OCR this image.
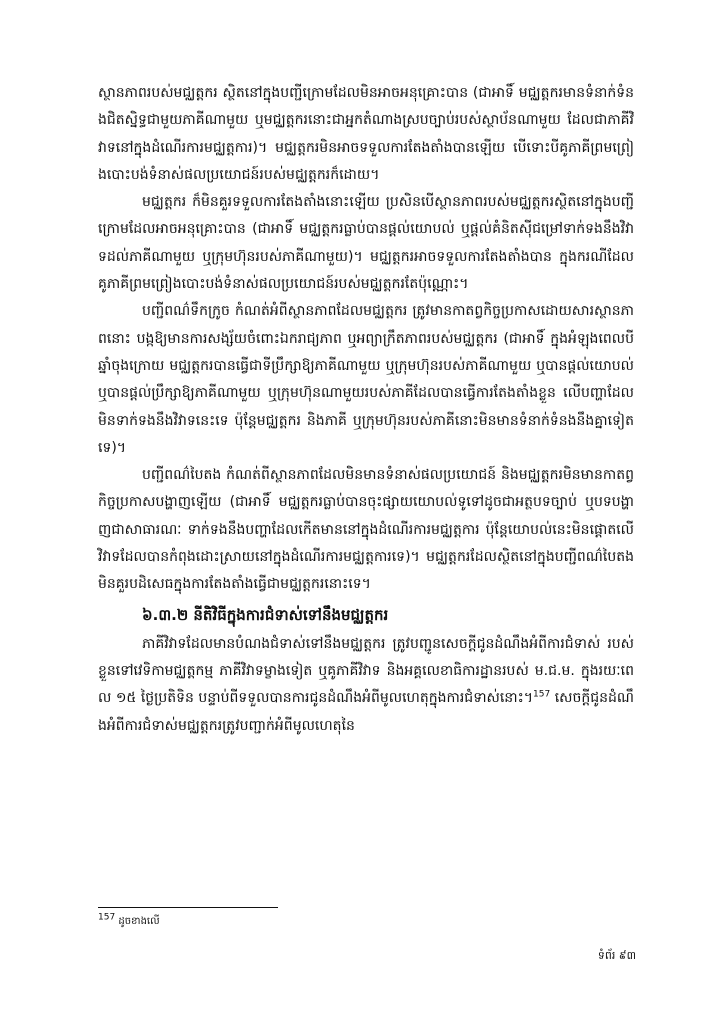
ស្ថានភាពរបស់មជ្ឈត្តករ ស្ថិតនៅក្នុងបញ្ជីក្រោមដែលមិនអាចអនុគ្រោះបាន (ជាអាទិ៍ មជ្ឈត្តករមានទំនាក់ទំនងជិតស្និទ្ធជាមួយភាគីណាមួយ ឬមជ្ឈត្តករនោះជាអ្នកតំណាងស្របច្បាប់របស់ស្ថាប័នណាមួយ ដែលជាភាគីវិវាទនៅក្នុងដំណើរការមជ្ឈត្តការ)។ មជ្ឈត្តករមិនអាចទទួលការតែងតាំងបានឡើយ បើទោះបីគូភាគីព្រមព្រៀងបោះបង់ទំនាស់ផលប្រយោជន៍របស់មជ្ឈត្តករក៏ដោយ។

មជ្ឈត្តករ ក៏មិនគួរទទួលការតែងតាំងនោះឡើយ ប្រសិនបើស្ថានភាពរបស់មជ្ឈត្តករស្ថិតនៅក្នុងបញ្ជីក្រោមដែលអាចអនុគ្រោះបាន (ជាអាទិ៍ មជ្ឈត្តករធ្លាប់បានផ្តល់យោបល់ ឬផ្តល់គំនិតស៊ីជម្រៅទាក់ទងនឹងវិវាទដល់ភាគីណាមួយ ឬក្រុមហ៊ុនរបស់ភាគីណាមួយ)។ មជ្ឈត្តករអាចទទួលការតែងតាំងបាន ក្នុងករណីដែលគូភាគីព្រមព្រៀងបោះបង់ទំនាស់ផលប្រយោជន៍របស់មជ្ឈត្តករតែប៉ុណ្ណោះ។

បញ្ជីពណ៌ទឹកក្រូច កំណត់អំពីស្ថានភាពដែលមជ្ឈត្តករ ត្រូវមានកាតព្វកិច្ចប្រកាសដោយសារស្ថានភាពនោះ បង្កឱ្យមានការសង្ស័យចំពោះឯករាជ្យភាព ឬអព្យាក្រឹតភាពរបស់មជ្ឈត្តករ (ជាអាទិ៍ ក្នុងអំឡុងពេលបីឆ្នាំចុងក្រោយ មជ្ឈត្តករបានធ្វើជាទីប្រឹក្សាឱ្យភាគីណាមួយ ឬក្រុមហ៊ុនរបស់ភាគីណាមួយ ឬបានផ្តល់យោបល់ ឬបានផ្តល់ប្រឹក្សាឱ្យភាគីណាមួយ ឬក្រុមហ៊ុនណាមួយរបស់ភាគីដែលបានធ្វើការតែងតាំងខ្លួន លើបញ្ហាដែលមិនទាក់ទងនឹងវិវាទនេះទេ ប៉ុន្តែមជ្ឈត្តករ និងភាគី ឬក្រុមហ៊ុនរបស់ភាគីនោះមិនមានទំនាក់ទំនងនឹងគ្នាទៀតទេ)។

បញ្ជីពណ៌បៃតង កំណត់ពីស្ថានភាពដែលមិនមានទំនាស់ផលប្រយោជន៍ និងមជ្ឈត្តករមិនមានកាតព្វកិច្ចប្រកាសបង្ហាញឡើយ (ជាអាទិ៍ មជ្ឈត្តករធ្លាប់បានចុះផ្សាយយោបល់ទូទៅដូចជាអត្ថបទច្បាប់ ឬបទបង្ហាញជាសាធារណៈ ទាក់ទងនឹងបញ្ហាដែលកើតមាននៅក្នុងដំណើរការមជ្ឈត្តការ ប៉ុន្តែយោបល់នេះមិនផ្តោតលើវិវាទដែលបានកំពុងដោះស្រាយនៅក្នុងដំណើរការមជ្ឈត្តការទេ)។ មជ្ឈត្តករដែលស្ថិតនៅក្នុងបញ្ជីពណ៌បៃតងមិនគួរបដិសេធក្នុងការតែងតាំងធ្វើជាមជ្ឈត្តករនោះទេ។

៦.៣.២ នីតិវិធីក្នុងការជំទាស់ទៅនឹងមជ្ឈត្តករ

ភាគីវិវាទដែលមានបំណងជំទាស់ទៅនឹងមជ្ឈត្តករ ត្រូវបញ្ជូនសេចក្តីជូនដំណឹងអំពីការជំទាស់ របស់ខ្លួនទៅវេទិកាមជ្ឈត្តកម្ម ភាគីវិវាទម្ខាងទៀត ឬគូភាគីវិវាទ និងអគ្គលេខាធិការដ្ឋានរបស់ ម.ជ.ម. ក្នុងរយៈពេល ១៥ ថ្ងៃប្រតិទិន បន្ទាប់ពីទទួលបានការជូនដំណឹងអំពីមូលហេតុក្នុងការជំទាស់នោះ។$^{157}$ សេចក្តីជូនដំណឹងអំពីការជំទាស់មជ្ឈត្តករត្រូវបញ្ជាក់អំពីមូលហេតុនៃ

$^{157}$ ដូចខាងលើ
ទំព័រ ៩៣
